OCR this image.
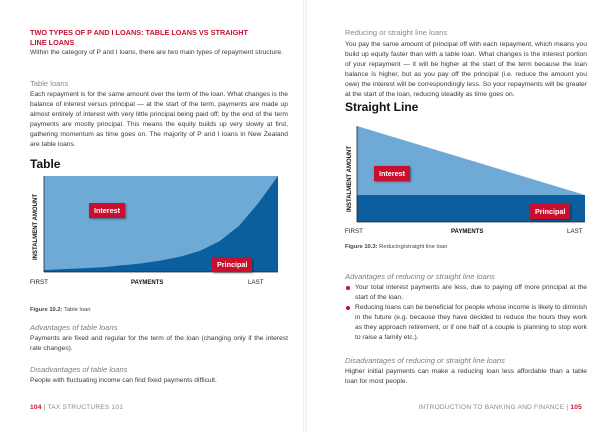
TWO TYPES OF P AND I LOANS: TABLE LOANS VS STRAIGHT
LINE LOANS
Within the category of P and I loans, there are two main types of repayment structure.
Table loans
Each repayment is for the same amount over the term of the loan. What changes is the balance of interest versus principal — at the start of the term, payments are made up almost entirely of interest with very little principal being paid off; by the end of the term payments are mostly principal. This means the equity builds up very slowly at first, gathering momentum as time goes on. The majority of P and I loans in New Zealand are table loans.
Table
INSTALMENT AMOUNT
FIRST	PAYMENTS	LAST
Interest
Principal
Figure 10.2: Table loan
Advantages of table loans
Payments are fixed and regular for the term of the loan (changing only if the interest rate changes).
Disadvantages of table loans
People with fluctuating income can find fixed payments difficult.
104 | TAX STRUCTURES 101
Reducing or straight line loans
You pay the same amount of principal off with each repayment, which means you build up equity faster than with a table loan. What changes is the interest portion of your repayment — it will be higher at the start of the term because the loan balance is higher, but as you pay off the principal (i.e. reduce the amount you owe) the interest will be correspondingly less. So your repayments will be greater at the start of the loan, reducing steadily as time goes on.
Straight Line
INSTALMENT AMOUNT
FIRST	PAYMENTS	LAST
Interest
Principal
Figure 10.3: Reducing/straight line loan
Advantages of reducing or straight line loans
Your total interest payments are less, due to paying off more principal at the start of the loan.
Reducing loans can be beneficial for people whose income is likely to diminish in the future (e.g. because they have decided to reduce the hours they work as they approach retirement, or if one half of a couple is planning to stop work to raise a family etc.).
Disadvantages of reducing or straight line loans
Higher initial payments can make a reducing loan less affordable than a table loan for most people.
INTRODUCTION TO BANKING AND FINANCE | 105
